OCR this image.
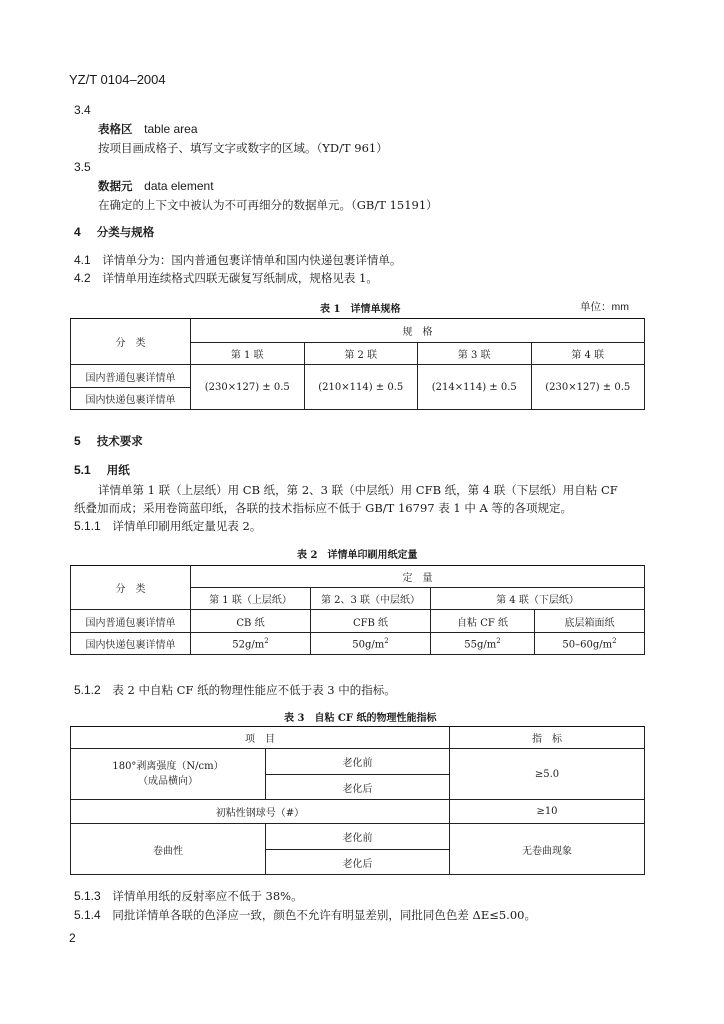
YZ/T 0104–2004
3.4
表格区 table area
按项目画成格子、填写文字或数字的区域。（YD/T 961）
3.5
数据元 data element
在确定的上下文中被认为不可再细分的数据单元。（GB/T 15191）
4 分类与规格
4.1 详情单分为：国内普通包裹详情单和国内快递包裹详情单。
4.2 详情单用连续格式四联无碳复写纸制成，规格见表 1。
表 1　详情单规格	单位：mm
分　类	规　格			
	第 1 联	第 2 联	第 3 联	第 4 联
国内普通包裹详情单	(230×127) ± 0.5	(210×114) ± 0.5	(214×114) ± 0.5	(230×127) ± 0.5
国内快递包裹详情单				
5 技术要求
5.1 用纸
详情单第 1 联（上层纸）用 CB 纸，第 2、3 联（中层纸）用 CFB 纸，第 4 联（下层纸）用自粘 CF
纸叠加而成；采用卷筒蓝印纸，各联的技术指标应不低于 GB/T 16797 表 1 中 A 等的各项规定。
5.1.1 详情单印刷用纸定量见表 2。
表 2　详情单印刷用纸定量
分　类	定　量			
	第 1 联（上层纸）	第 2、3 联（中层纸）	第 4 联（下层纸）	
国内普通包裹详情单	CB 纸	CFB 纸	自粘 CF 纸	底层箱面纸
国内快递包裹详情单	$52g/m^2$	$50g/m^2$	$55g/m^2$	$50-60g/m^2$
5.1.2 表 2 中自粘 CF 纸的物理性能应不低于表 3 中的指标。
表 3　自粘 CF 纸的物理性能指标
项　目		指　标
180°剥离强度（N/cm）
（成品横向）	老化前	≥5.0
	老化后	
初粘性钢球号（#）		≥10
卷曲性	老化前	无卷曲现象
	老化后	
5.1.3 详情单用纸的反射率应不低于 38%。
5.1.4 同批详情单各联的色泽应一致，颜色不允许有明显差别，同批同色色差 ΔE≤5.00。
2
